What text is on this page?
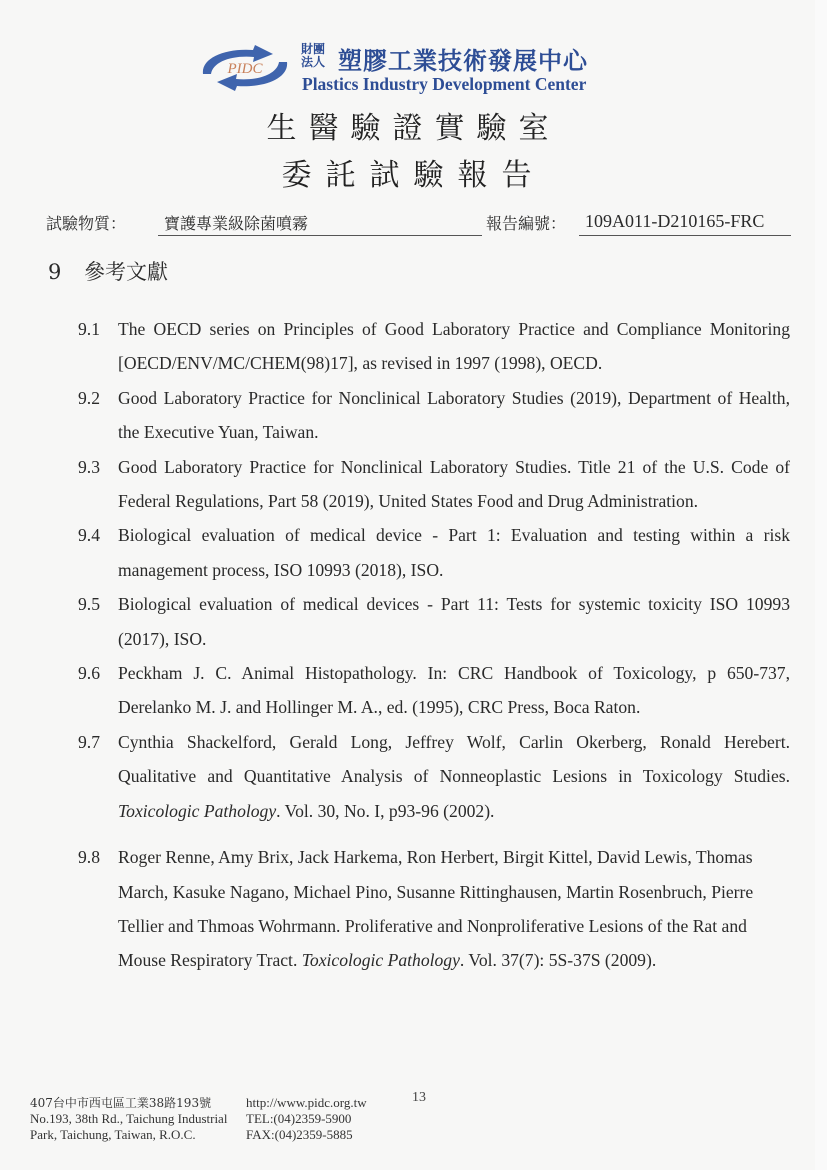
PIDC
財團
法人 塑膠工業技術發展中心
Plastics Industry Development Center
生醫驗證實驗室
委託試驗報告
試驗物質： 寶護專業級除菌噴霧	報告編號： 109A011-D210165-FRC
9 參考文獻
9.1 The OECD series on Principles of Good Laboratory Practice and Compliance Monitoring [OECD/ENV/MC/CHEM(98)17], as revised in 1997 (1998), OECD.
9.2 Good Laboratory Practice for Nonclinical Laboratory Studies (2019), Department of Health, the Executive Yuan, Taiwan.
9.3 Good Laboratory Practice for Nonclinical Laboratory Studies. Title 21 of the U.S. Code of Federal Regulations, Part 58 (2019), United States Food and Drug Administration.
9.4 Biological evaluation of medical device - Part 1: Evaluation and testing within a risk management process, ISO 10993 (2018), ISO.
9.5 Biological evaluation of medical devices - Part 11: Tests for systemic toxicity ISO 10993 (2017), ISO.
9.6 Peckham J. C. Animal Histopathology. In: CRC Handbook of Toxicology, p 650-737, Derelanko M. J. and Hollinger M. A., ed. (1995), CRC Press, Boca Raton.
9.7 Cynthia Shackelford, Gerald Long, Jeffrey Wolf, Carlin Okerberg, Ronald Herebert. Qualitative and Quantitative Analysis of Nonneoplastic Lesions in Toxicology Studies. Toxicologic Pathology. Vol. 30, No. I, p93-96 (2002).
9.8 Roger Renne, Amy Brix, Jack Harkema, Ron Herbert, Birgit Kittel, David Lewis, Thomas March, Kasuke Nagano, Michael Pino, Susanne Rittinghausen, Martin Rosenbruch, Pierre Tellier and Thmoas Wohrmann. Proliferative and Nonproliferative Lesions of the Rat and Mouse Respiratory Tract. Toxicologic Pathology. Vol. 37(7): 5S-37S (2009).
13
407台中市西屯區工業38路193號
No.193, 38th Rd., Taichung Industrial
Park, Taichung, Taiwan, R.O.C.
http://www.pidc.org.tw
TEL:(04)2359-5900
FAX:(04)2359-5885
